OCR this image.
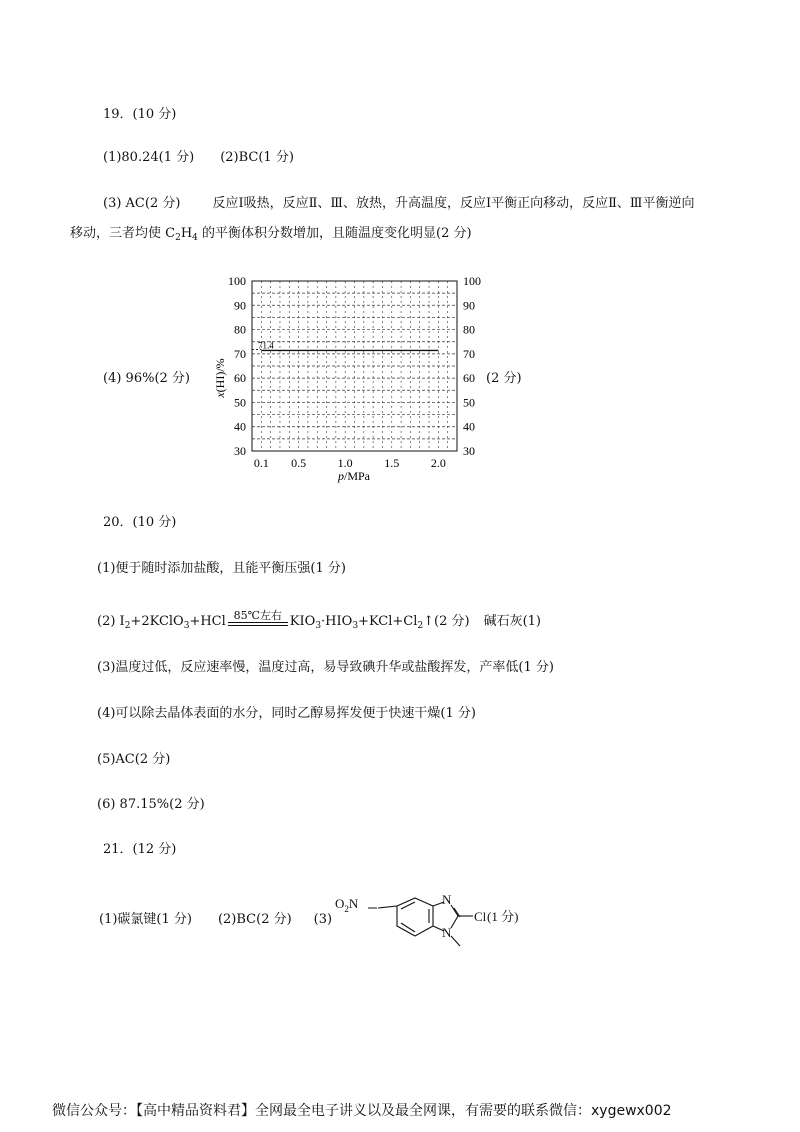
19．(10 分)
(1)80.24(1 分) (2)BC(1 分)
(3) AC(2 分) 反应Ⅰ吸热，反应Ⅱ、Ⅲ、放热，升高温度，反应Ⅰ平衡正向移动，反应Ⅱ、Ⅲ平衡逆向
移动，三者均使 $C_2H_4$ 的平衡体积分数增加，且随温度变化明显(2 分)
(4) 96%(2 分)
30
40
50
60
70
80
90
100
30
40
50
60
70
80
90
100
0.1 0.5	1.0	1.5	2.0
71.4
x(HI)/%
p/MPa
(2 分)
20．(10 分)
(1)便于随时添加盐酸，且能平衡压强(1 分)
(2) $I_2+2KClO_3+HCl$ 85℃左右 $KIO_3\cdot HIO_3+KCl+Cl_2↑(2$ 分) 碱石灰(1)
(3)温度过低，反应速率慢，温度过高，易导致碘升华或盐酸挥发，产率低(1 分)
(4)可以除去晶体表面的水分，同时乙醇易挥发便于快速干燥(1 分)
(5)AC(2 分)
(6) 87.15%(2 分)
21．(12 分)
(1)碳氯键(1 分) (2)BC(2 分) (3)
$O_2N$	N
N
Cl (1 分)
微信公众号：【高中精品资料君】全网最全电子讲义以及最全网课，有需要的联系微信：xygewx002
